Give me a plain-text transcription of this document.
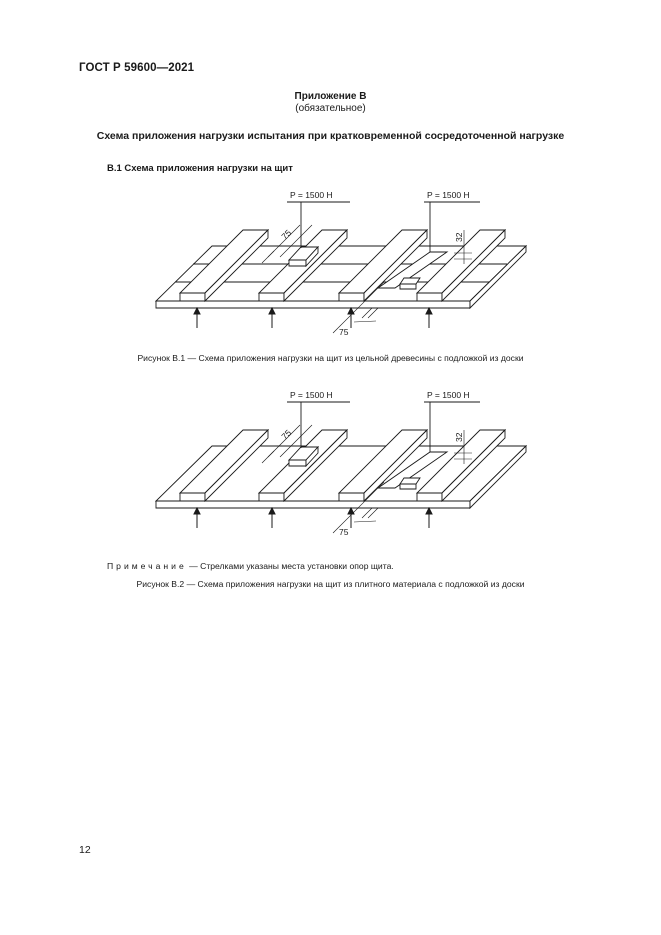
ГОСТ Р 59600—2021
Приложение В
(обязательное)
Схема приложения нагрузки испытания при кратковременной сосредоточенной нагрузке
В.1 Схема приложения нагрузки на щит
P = 1500 Н	P = 1500 Н
75	32
75
Рисунок В.1 — Схема приложения нагрузки на щит из цельной древесины с подложкой из доски
P = 1500 Н	P = 1500 Н
75	32
75
Примечание — Стрелками указаны места установки опор щита.
Рисунок В.2 — Схема приложения нагрузки на щит из плитного материала с подложкой из доски
12
